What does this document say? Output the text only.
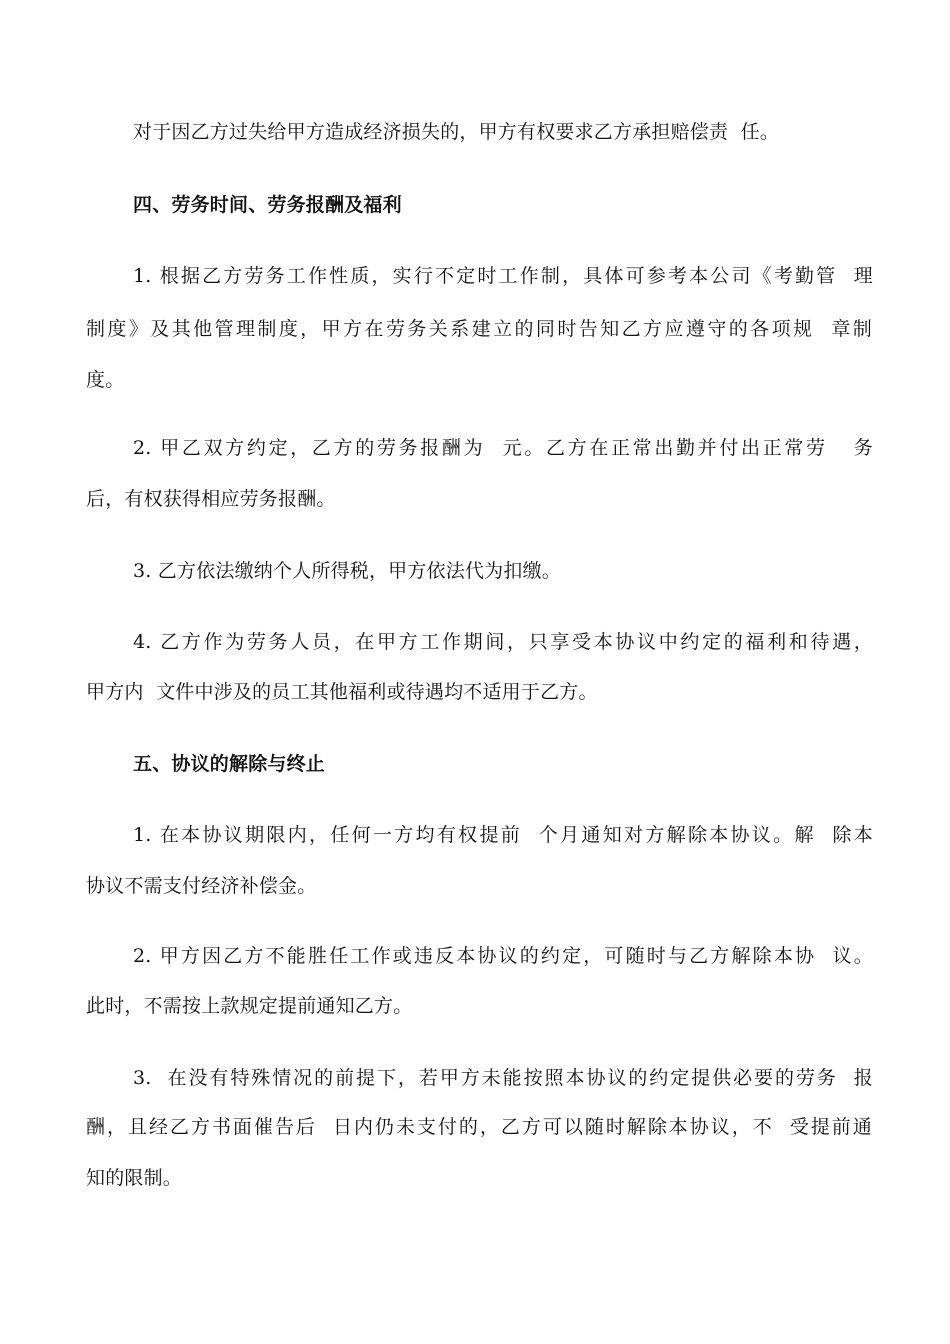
对于因乙方过失给甲方造成经济损失的，甲方有权要求乙方承担赔偿责  任。
四、劳务时间、劳务报酬及福利
1. 根据乙方劳务工作性质，实行不定时工作制，具体可参考本公司《考勤管  理
制度》及其他管理制度，甲方在劳务关系建立的同时告知乙方应遵守的各项规  章制
度。
2. 甲乙双方约定，乙方的劳务报酬为  元。乙方在正常出勤并付出正常劳   务
后，有权获得相应劳务报酬。
3. 乙方依法缴纳个人所得税，甲方依法代为扣缴。
4. 乙方作为劳务人员，在甲方工作期间，只享受本协议中约定的福利和待遇，
甲方内  文件中涉及的员工其他福利或待遇均不适用于乙方。
五、协议的解除与终止
1. 在本协议期限内，任何一方均有权提前  个月通知对方解除本协议。解  除本
协议不需支付经济补偿金。
2. 甲方因乙方不能胜任工作或违反本协议的约定，可随时与乙方解除本协  议。
此时，不需按上款规定提前通知乙方。
3.  在没有特殊情况的前提下，若甲方未能按照本协议的约定提供必要的劳务  报
酬，且经乙方书面催告后  日内仍未支付的，乙方可以随时解除本协议，不  受提前通
知的限制。
